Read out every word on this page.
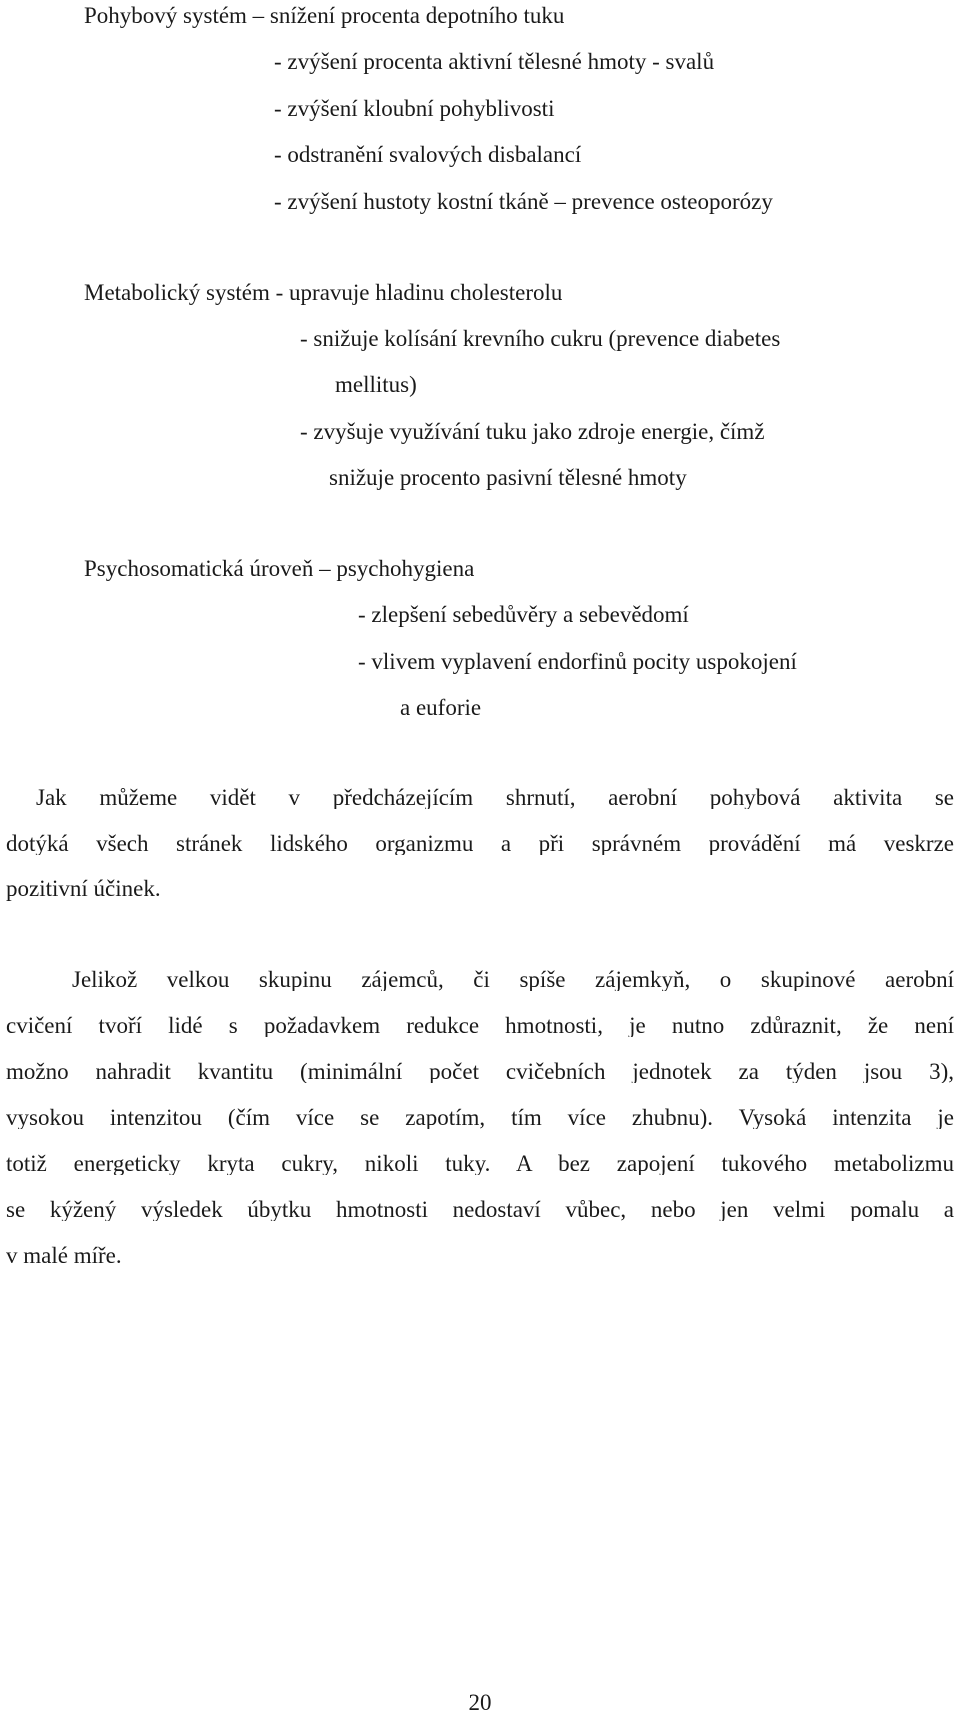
Pohybový systém – snížení procenta depotního tuku
- zvýšení procenta aktivní tělesné hmoty - svalů
- zvýšení kloubní pohyblivosti
- odstranění svalových disbalancí
- zvýšení hustoty kostní tkáně – prevence osteoporózy
Metabolický systém - upravuje hladinu cholesterolu
- snižuje kolísání krevního cukru (prevence diabetes
mellitus)
- zvyšuje využívání tuku jako zdroje energie, čímž
snižuje procento pasivní tělesné hmoty
Psychosomatická úroveň – psychohygiena
- zlepšení sebedůvěry a sebevědomí
- vlivem vyplavení endorfinů pocity uspokojení
a euforie
Jak můžeme vidět v předcházejícím shrnutí, aerobní pohybová aktivita se
dotýká všech stránek lidského organizmu a při správném provádění má veskrze
pozitivní účinek.
Jelikož velkou skupinu zájemců, či spíše zájemkyň, o skupinové aerobní
cvičení tvoří lidé s požadavkem redukce hmotnosti, je nutno zdůraznit, že není
možno nahradit kvantitu (minimální počet cvičebních jednotek za týden jsou 3),
vysokou intenzitou (čím více se zapotím, tím více zhubnu). Vysoká intenzita je
totiž energeticky kryta cukry, nikoli tuky. A bez zapojení tukového metabolizmu
se kýžený výsledek úbytku hmotnosti nedostaví vůbec, nebo jen velmi pomalu a
v malé míře.
20
